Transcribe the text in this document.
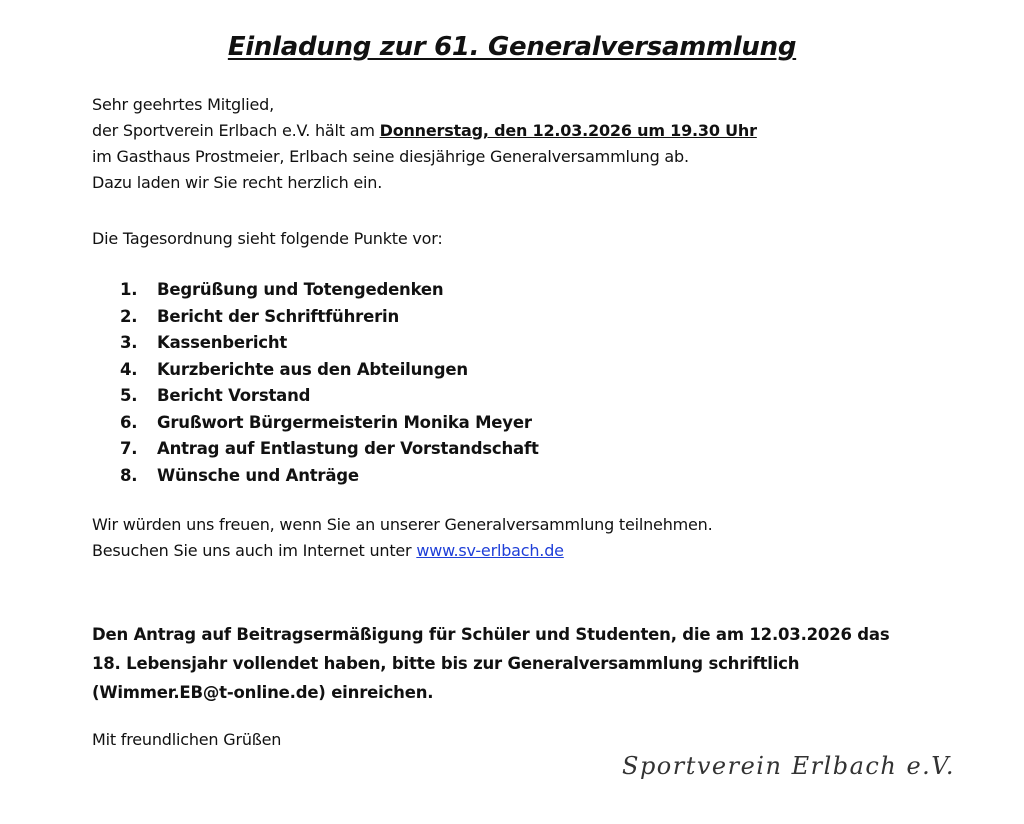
Einladung zur 61. Generalversammlung
Sehr geehrtes Mitglied,
der Sportverein Erlbach e.V. hält am Donnerstag, den 12.03.2026 um 19.30 Uhr
im Gasthaus Prostmeier, Erlbach seine diesjährige Generalversammlung ab.
Dazu laden wir Sie recht herzlich ein.
Die Tagesordnung sieht folgende Punkte vor:
1.	Begrüßung und Totengedenken
2.	Bericht der Schriftführerin
3.	Kassenbericht
4.	Kurzberichte aus den Abteilungen
5.	Bericht Vorstand
6.	Grußwort Bürgermeisterin Monika Meyer
7.	Antrag auf Entlastung der Vorstandschaft
8.	Wünsche und Anträge
Wir würden uns freuen, wenn Sie an unserer Generalversammlung teilnehmen.
Besuchen Sie uns auch im Internet unter www.sv-erlbach.de
Den Antrag auf Beitragsermäßigung für Schüler und Studenten, die am 12.03.2026 das
18. Lebensjahr vollendet haben, bitte bis zur Generalversammlung schriftlich
(Wimmer.EB@t-online.de) einreichen.
Mit freundlichen Grüßen
Sportverein Erlbach e.V.
